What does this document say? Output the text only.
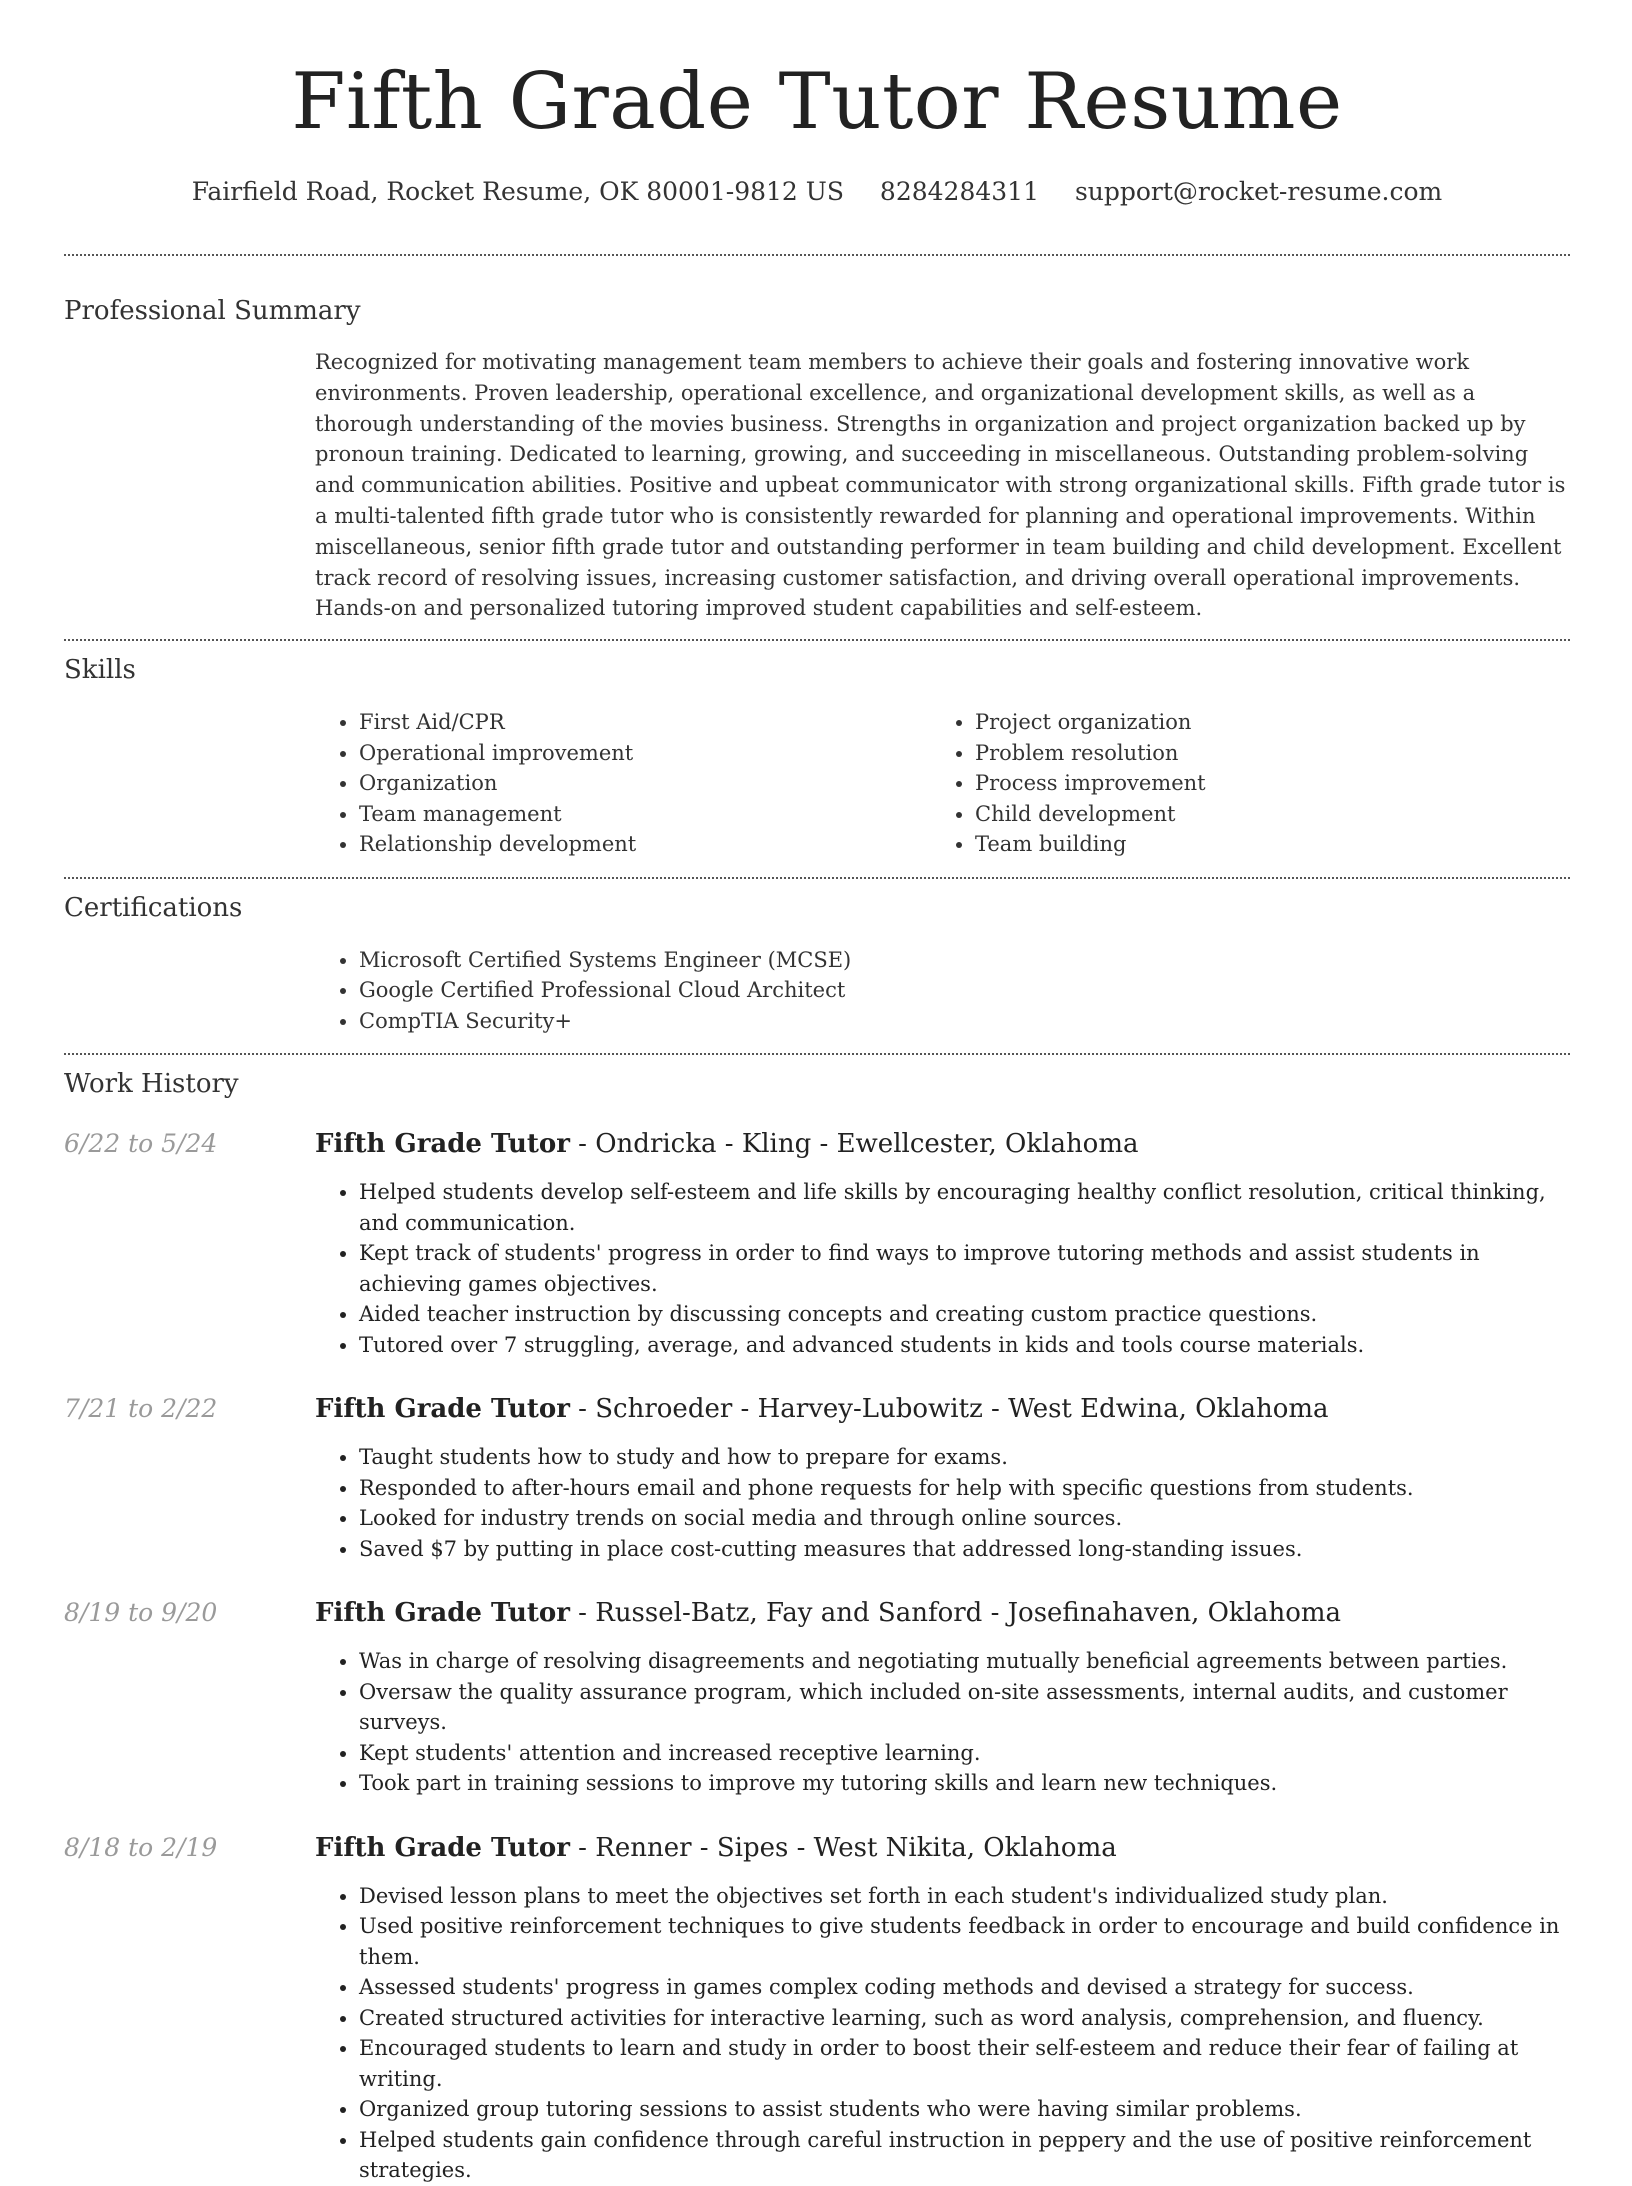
Fifth Grade Tutor Resume
Fairfield Road, Rocket Resume, OK 80001-9812 US 8284284311 support@rocket-resume.com
Professional Summary

Recognized for motivating management team members to achieve their goals and fostering innovative work environments. Proven leadership, operational excellence, and organizational development skills, as well as a thorough understanding of the movies business. Strengths in organization and project organization backed up by pronoun training. Dedicated to learning, growing, and succeeding in miscellaneous. Outstanding problem-solving and communication abilities. Positive and upbeat communicator with strong organizational skills. Fifth grade tutor is a multi-talented fifth grade tutor who is consistently rewarded for planning and operational improvements. Within miscellaneous, senior fifth grade tutor and outstanding performer in team building and child development. Excellent track record of resolving issues, increasing customer satisfaction, and driving overall operational improvements. Hands-on and personalized tutoring improved student capabilities and self-esteem.

Skills
• First Aid/CPR
• Operational improvement
• Organization
• Team management
• Relationship development
• Project organization
• Problem resolution
• Process improvement
• Child development
• Team building
Certifications
• Microsoft Certified Systems Engineer (MCSE)
• Google Certified Professional Cloud Architect
• CompTIA Security+
Work History
6/22 to 5/24	Fifth Grade Tutor - Ondricka - Kling - Ewellcester, Oklahoma
• Helped students develop self-esteem and life skills by encouraging healthy conflict resolution, critical thinking, and communication.
• Kept track of students' progress in order to find ways to improve tutoring methods and assist students in achieving games objectives.
• Aided teacher instruction by discussing concepts and creating custom practice questions.
• Tutored over 7 struggling, average, and advanced students in kids and tools course materials.
7/21 to 2/22	Fifth Grade Tutor - Schroeder - Harvey-Lubowitz - West Edwina, Oklahoma
• Taught students how to study and how to prepare for exams.
• Responded to after-hours email and phone requests for help with specific questions from students.
• Looked for industry trends on social media and through online sources.
• Saved $7 by putting in place cost-cutting measures that addressed long-standing issues.
8/19 to 9/20	Fifth Grade Tutor - Russel-Batz, Fay and Sanford - Josefinahaven, Oklahoma
• Was in charge of resolving disagreements and negotiating mutually beneficial agreements between parties.
• Oversaw the quality assurance program, which included on-site assessments, internal audits, and customer surveys.
• Kept students' attention and increased receptive learning.
• Took part in training sessions to improve my tutoring skills and learn new techniques.
8/18 to 2/19	Fifth Grade Tutor - Renner - Sipes - West Nikita, Oklahoma
• Devised lesson plans to meet the objectives set forth in each student's individualized study plan.
• Used positive reinforcement techniques to give students feedback in order to encourage and build confidence in them.
• Assessed students' progress in games complex coding methods and devised a strategy for success.
• Created structured activities for interactive learning, such as word analysis, comprehension, and fluency.
• Encouraged students to learn and study in order to boost their self-esteem and reduce their fear of failing at writing.
• Organized group tutoring sessions to assist students who were having similar problems.
• Helped students gain confidence through careful instruction in peppery and the use of positive reinforcement strategies.
